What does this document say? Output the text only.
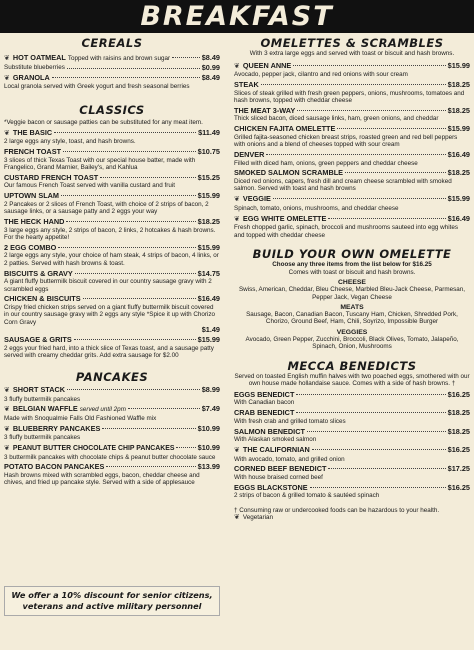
BREAKFAST
CEREALS
❦ HOT OATMEAL Topped with raisins and brown sugar	$8.49
Substitute blueberries	$0.99
❦ GRANOLA	$8.49
Local granola served with Greek yogurt and fresh seasonal berries
CLASSICS
*Veggie bacon or sausage patties can be substituted for any meat item.
❦ THE BASIC	$11.49
2 large eggs any style, toast, and hash browns.
FRENCH TOAST	$10.75
3 slices of thick Texas Toast with our special house batter, made with Frangelico, Grand Marnier, Bailey's, and Kahlua
CUSTARD FRENCH TOAST	$15.25
Our famous French Toast served with vanilla custard and fruit
UPTOWN SLAM	$15.99
2 Pancakes or 2 slices of French Toast, with choice of 2 strips of bacon, 2 sausage links, or a sausage patty and 2 eggs your way
THE HECK HAND	$18.25
3 large eggs any style, 2 strips of bacon, 2 links, 2 hotcakes & hash browns. For the hearty appetite!
2 EGG COMBO	$15.99
2 large eggs any style, your choice of ham steak, 4 strips of bacon, 4 links, or 2 patties. Served with hash browns & toast.
BISCUITS & GRAVY	$14.75
A giant fluffy buttermilk biscuit covered in our country sausage gravy with 2 scrambled eggs
CHICKEN & BISCUITS	$16.49
Crispy fried chicken strips served on a giant fluffy buttermilk biscuit covered in our country sausage gravy with 2 eggs any style *Spice it up with Chorizo Corn Gravy
$1.49
SAUSAGE & GRITS	$15.99
2 eggs your fried hard, into a thick slice of Texas toast, and a sausage patty served with creamy cheddar grits. Add extra sausage for $2.00
PANCAKES
❦ SHORT STACK	$8.99
3 fluffy buttermilk pancakes
❦ BELGIAN WAFFLE served until 2pm	$7.49
Made with Snoqualmie Falls Old Fashioned Waffle mix
❦ BLUEBERRY PANCAKES	$10.99
3 fluffy buttermilk pancakes
❦ PEANUT BUTTER CHOCOLATE CHIP PANCAKES	$10.99
3 buttermilk pancakes with chocolate chips & peanut butter chocolate sauce
POTATO BACON PANCAKES	$13.99
Hash browns mixed with scrambled eggs, bacon, cheddar cheese and chives, and fried up pancake style. Served with a side of applesauce
We offer a 10% discount for senior citizens,
veterans and active military personnel
OMELETTES & SCRAMBLES
With 3 extra large eggs and served with toast or biscuit and hash browns.
❦ QUEEN ANNE	$15.99
Avocado, pepper jack, cilantro and red onions with sour cream
STEAK	$18.25
Slices of steak grilled with fresh green peppers, onions, mushrooms, tomatoes and hash browns, topped with cheddar cheese
THE MEAT 3-WAY	$18.25
Thick sliced bacon, diced sausage links, ham, green onions, and cheddar
CHICKEN FAJITA OMELETTE	$15.99
Grilled fajita-seasoned chicken breast strips, roasted green and red bell peppers with onions and a blend of cheeses topped with sour cream
DENVER	$16.49
Filled with diced ham, onions, green peppers and cheddar cheese
SMOKED SALMON SCRAMBLE	$18.25
Diced red onions, capers, fresh dill and cream cheese scrambled with smoked salmon. Served with toast and hash browns
❦ VEGGIE	$15.99
Spinach, tomato, onions, mushrooms, and cheddar cheese
❦ EGG WHITE OMELETTE	$16.49
Fresh chopped garlic, spinach, broccoli and mushrooms sauteed into egg whites and topped with cheddar cheese
BUILD YOUR OWN OMELETTE
Choose any three items from the list below for $16.25
Comes with toast or biscuit and hash browns.
CHEESE
Swiss, American, Cheddar, Bleu Cheese, Marbled Bleu-Jack Cheese, Parmesan, Pepper Jack, Vegan Cheese
MEATS
Sausage, Bacon, Canadian Bacon, Tuscany Ham, Chicken, Shredded Pork, Chorizo, Ground Beef, Ham, Chili, Soyrizo, Impossible Burger
VEGGIES
Avocado, Green Pepper, Zucchini, Broccoli, Black Olives, Tomato, Jalapeño, Spinach, Onion, Mushrooms
MECCA BENEDICTS
Served on toasted English muffin halves with two poached eggs, smothered with our own house made hollandaise sauce. Comes with a side of hash browns. †
EGGS BENEDICT	$16.25
With Canadian bacon
CRAB BENEDICT	$18.25
With fresh crab and grilled tomato slices
SALMON BENEDICT	$18.25
With Alaskan smoked salmon
❦ THE CALIFORNIAN	$16.25
With avocado, tomato, and grilled onion
CORNED BEEF BENEDICT	$17.25
With house braised corned beef
EGGS BLACKSTONE	$16.25
2 strips of bacon & grilled tomato & sautéed spinach
† Consuming raw or undercooked foods can be hazardous to your health.
❦ Vegetarian
